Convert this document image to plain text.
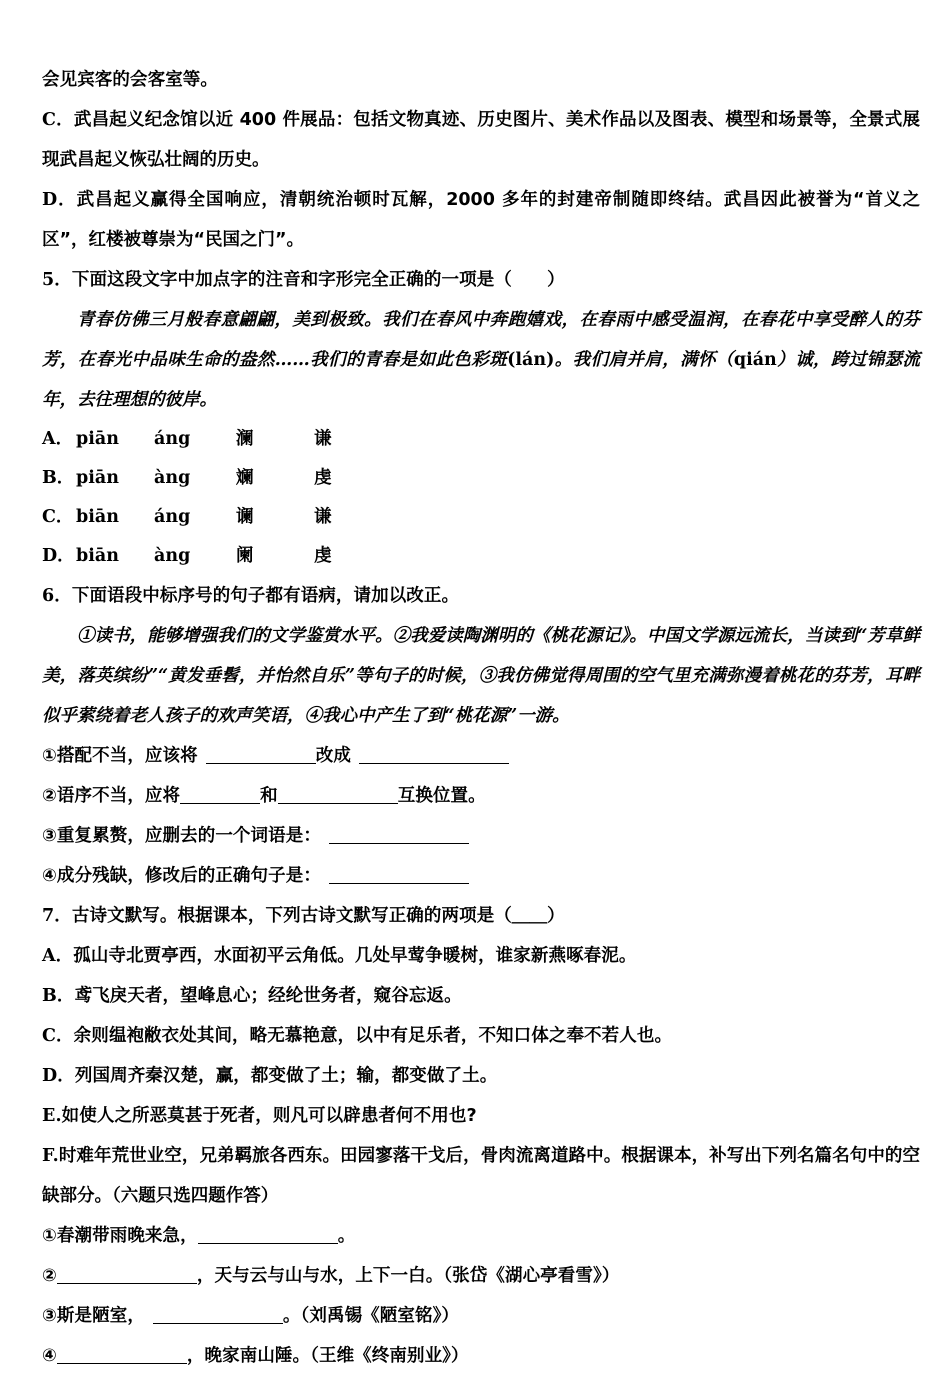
会见宾客的会客室等。
C．武昌起义纪念馆以近 400 件展品：包括文物真迹、历史图片、美术作品以及图表、模型和场景等，全景式展现武昌起义恢弘壮阔的历史。
D．武昌起义赢得全国响应，清朝统治顿时瓦解，2000 多年的封建帝制随即终结。武昌因此被誉为“首义之区”，红楼被尊崇为“民国之门”。
5．下面这段文字中加点字的注音和字形完全正确的一项是（　　）
青春仿佛三月般春意翩翩，美到极致。我们在春风中奔跑嬉戏，在春雨中感受温润，在春花中享受醉人的芬芳，在春光中品味生命的盎然……我们的青春是如此色彩斑(lán)。我们肩并肩，满怀（qián）诚，跨过锦瑟流年，去往理想的彼岸。
A． piān áng	澜	谦
B．piān àng	斓	虔
C． biān áng	谰	谦
D．biān àng	阑	虔
6．下面语段中标序号的句子都有语病，请加以改正。
①读书，能够增强我们的文学鉴赏水平。②我爱读陶渊明的《桃花源记》。中国文学源远流长，当读到“芳草鲜美，落英缤纷”“黄发垂髫，并怡然自乐”等句子的时候，③我仿佛觉得周围的空气里充满弥漫着桃花的芬芳，耳畔似乎萦绕着老人孩子的欢声笑语，④我心中产生了到“桃花源”一游。
①搭配不当，应该将	改成
②语序不当，应将	和	互换位置。
③重复累赘，应删去的一个词语是：
④成分残缺，修改后的正确句子是：
7．古诗文默写。根据课本，下列古诗文默写正确的两项是（＿＿）
A．孤山寺北贾亭西，水面初平云角低。几处早莺争暖树，谁家新燕啄春泥。
B．鸢飞戾天者，望峰息心；经纶世务者，窥谷忘返。
C．余则缊袍敝衣处其间，略无慕艳意，以中有足乐者，不知口体之奉不若人也。
D．列国周齐秦汉楚，赢，都变做了土；输，都变做了土。
E.如使人之所恶莫甚于死者，则凡可以辟患者何不用也?
F.时难年荒世业空，兄弟羁旅各西东。田园寥落干戈后，骨肉流离道路中。根据课本，补写出下列名篇名句中的空缺部分。（六题只选四题作答）
①春潮带雨晚来急，	。
②	，天与云与山与水，上下一白。（张岱《湖心亭看雪》）
③斯是陋室，	。（刘禹锡《陋室铭》）
④	，晚家南山陲。（王维《终南别业》）
